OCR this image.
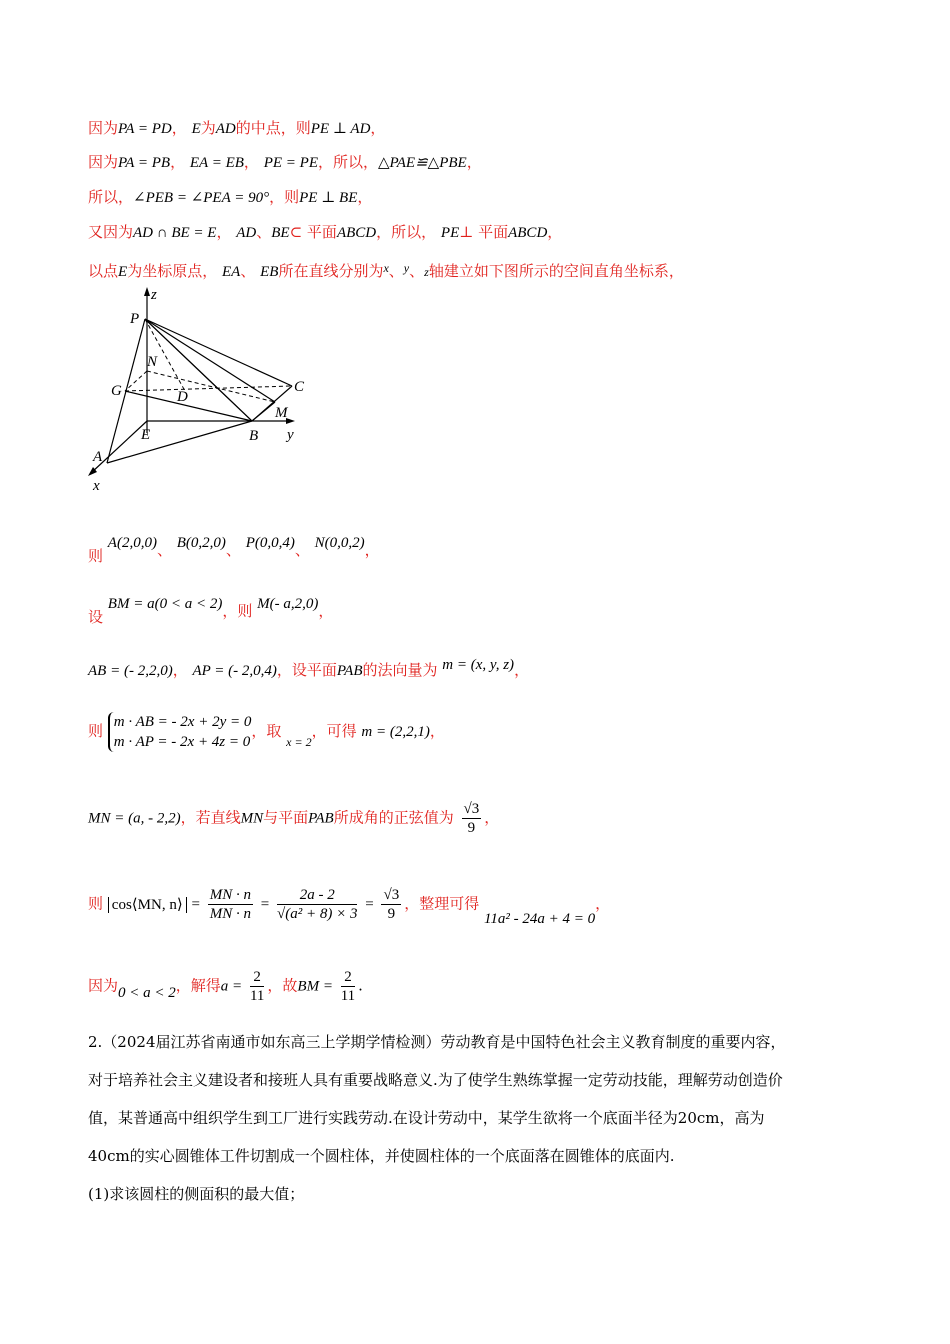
因为PA = PD， E为AD的中点，则PE ⊥ AD，
因为PA = PB， EA = EB， PE = PE，所以，△PAE≌△PBE，
所以，∠PEB = ∠PEA = 90°，则PE ⊥ BE，
又因为AD ∩ BE = E， AD、BE⊂ 平面ABCD，所以， PE⊥ 平面ABCD，
以点E为坐标原点， EA、 EB所在直线分别为$^x$、$^y$、z轴建立如下图所示的空间直角坐标系，
z
P
N
G	D
C
M
E	B y
A
x
则 A(2,0,0)、 B(0,2,0)、 P(0,0,4)、 N(0,0,2)，
设 BM = a(0 < a < 2)，则 M(- a,2,0)，
AB = (- 2,2,0)， AP = (- 2,0,4)，设平面PAB的法向量为 m = (x, y, z)，
则 m · AB = - 2x + 2y = 0
m · AP = - 2x + 4z = 0
，取 $_{x = 2}$，可得 m = (2,2,1)，
MN = (a, - 2,2)，若直线MN与平面PAB所成角的正弦值为 $\frac{√3}{9}$ ，
则 cos⟨MN, n⟩ = $\frac{MN \cdot n}{MN \cdot n} = \frac{2a - 2}{\text{√(a² + 8) × 3}} = \frac{√3}{9}$ ，整理可得 11a² - 24a + 4 = 0，
因为0 < a < 2，解得$a = \frac{2}{11}$ ，故BM = $\frac{2}{11}$ .
2.（2024届江苏省南通市如东高三上学期学情检测）劳动教育是中国特色社会主义教育制度的重要内容，
对于培养社会主义建设者和接班人具有重要战略意义.为了使学生熟练掌握一定劳动技能，理解劳动创造价
值，某普通高中组织学生到工厂进行实践劳动.在设计劳动中，某学生欲将一个底面半径为20cm，高为
40cm的实心圆锥体工件切割成一个圆柱体，并使圆柱体的一个底面落在圆锥体的底面内.
(1)求该圆柱的侧面积的最大值；
